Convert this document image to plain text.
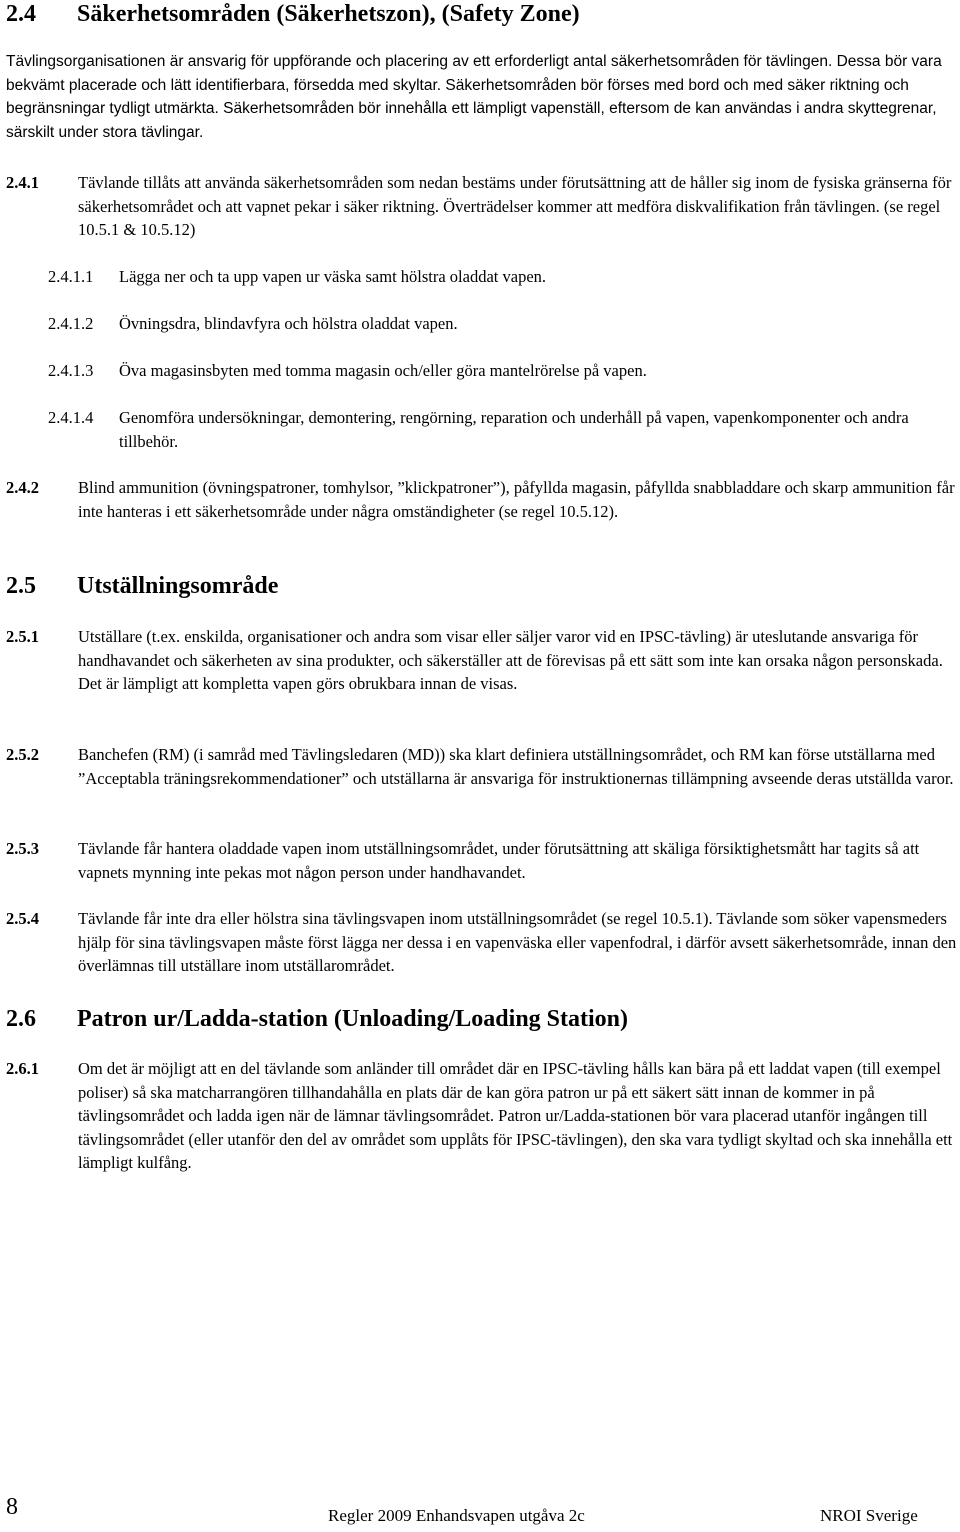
2.4 Säkerhetsområden (Säkerhetszon), (Safety Zone)
Tävlingsorganisationen är ansvarig för uppförande och placering av ett erforderligt antal säkerhetsområden för tävlingen. Dessa bör vara bekvämt placerade och lätt identifierbara, försedda med skyltar. Säkerhetsområden bör förses med bord och med säker riktning och begränsningar tydligt utmärkta. Säkerhetsområden bör innehålla ett lämpligt vapenställ, eftersom de kan användas i andra skyttegrenar, särskilt under stora tävlingar.
2.4.1 Tävlande tillåts att använda säkerhetsområden som nedan bestäms under förutsättning att de håller sig inom de fysiska gränserna för säkerhetsområdet och att vapnet pekar i säker riktning. Överträdelser kommer att medföra diskvalifikation från tävlingen. (se regel 10.5.1 & 10.5.12)
2.4.1.1 Lägga ner och ta upp vapen ur väska samt hölstra oladdat vapen.
2.4.1.2 Övningsdra, blindavfyra och hölstra oladdat vapen.
2.4.1.3 Öva magasinsbyten med tomma magasin och/eller göra mantelrörelse på vapen.
2.4.1.4 Genomföra undersökningar, demontering, rengörning, reparation och underhåll på vapen, vapenkomponenter och andra tillbehör.
2.4.2 Blind ammunition (övningspatroner, tomhylsor, ”klickpatroner”), påfyllda magasin, påfyllda snabbladdare och skarp ammunition får inte hanteras i ett säkerhetsområde under några omständigheter (se regel 10.5.12).
2.5 Utställningsområde
2.5.1 Utställare (t.ex. enskilda, organisationer och andra som visar eller säljer varor vid en IPSC-tävling) är uteslutande ansvariga för handhavandet och säkerheten av sina produkter, och säkerställer att de förevisas på ett sätt som inte kan orsaka någon personskada. Det är lämpligt att kompletta vapen görs obrukbara innan de visas.
2.5.2 Banchefen (RM) (i samråd med Tävlingsledaren (MD)) ska klart definiera utställningsområdet, och RM kan förse utställarna med ”Acceptabla träningsrekommendationer” och utställarna är ansvariga för instruktionernas tillämpning avseende deras utställda varor.
2.5.3 Tävlande får hantera oladdade vapen inom utställningsområdet, under förutsättning att skäliga försiktighetsmått har tagits så att vapnets mynning inte pekas mot någon person under handhavandet.
2.5.4 Tävlande får inte dra eller hölstra sina tävlingsvapen inom utställningsområdet (se regel 10.5.1). Tävlande som söker vapensmeders hjälp för sina tävlingsvapen måste först lägga ner dessa i en vapenväska eller vapenfodral, i därför avsett säkerhetsområde, innan den överlämnas till utställare inom utställarområdet.
2.6 Patron ur/Ladda-station (Unloading/Loading Station)
2.6.1 Om det är möjligt att en del tävlande som anländer till området där en IPSC-tävling hålls kan bära på ett laddat vapen (till exempel poliser) så ska matcharrangören tillhandahålla en plats där de kan göra patron ur på ett säkert sätt innan de kommer in på tävlingsområdet och ladda igen när de lämnar tävlingsområdet. Patron ur/Ladda-stationen bör vara placerad utanför ingången till tävlingsområdet (eller utanför den del av området som upplåts för IPSC-tävlingen), den ska vara tydligt skyltad och ska innehålla ett lämpligt kulfång.
8	Regler 2009 Enhandsvapen utgåva 2c	NROI Sverige
